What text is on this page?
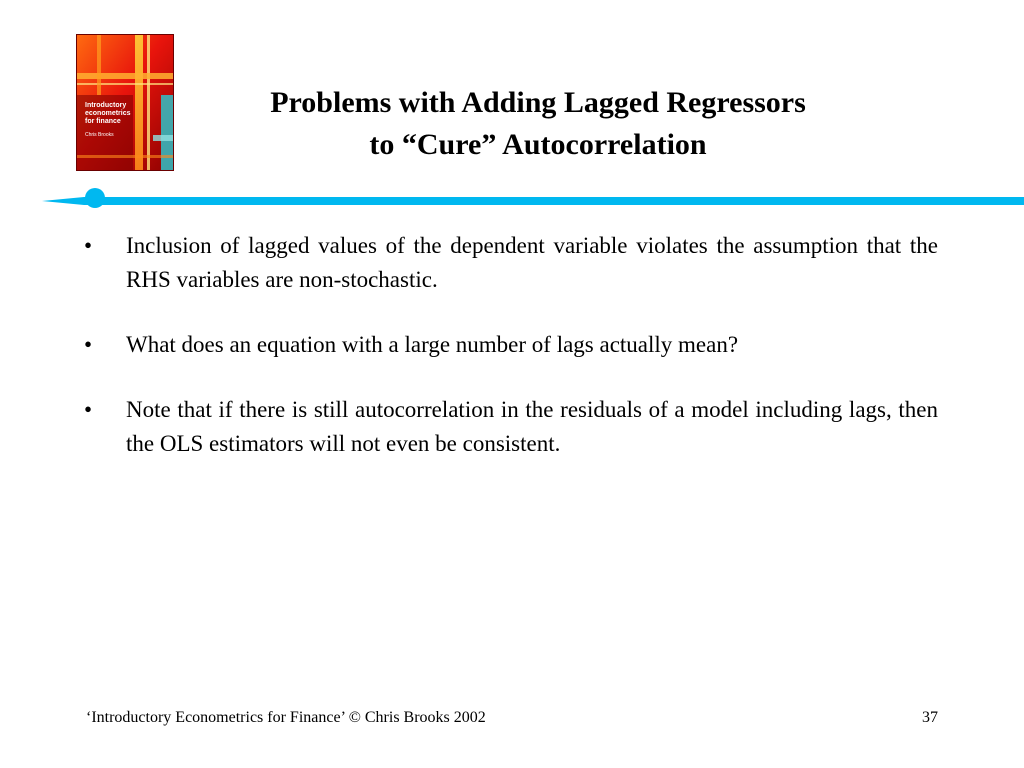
Introductory
econometrics
for finance
Chris Brooks
Problems with Adding Lagged Regressors
to “Cure” Autocorrelation
•	Inclusion of lagged values of the dependent variable violates the assumption that the RHS variables are non-stochastic.
•	What does an equation with a large number of lags actually mean?
•	Note that if there is still autocorrelation in the residuals of a model including lags, then the OLS estimators will not even be consistent.
‘Introductory Econometrics for Finance’ © Chris Brooks 2002	37
